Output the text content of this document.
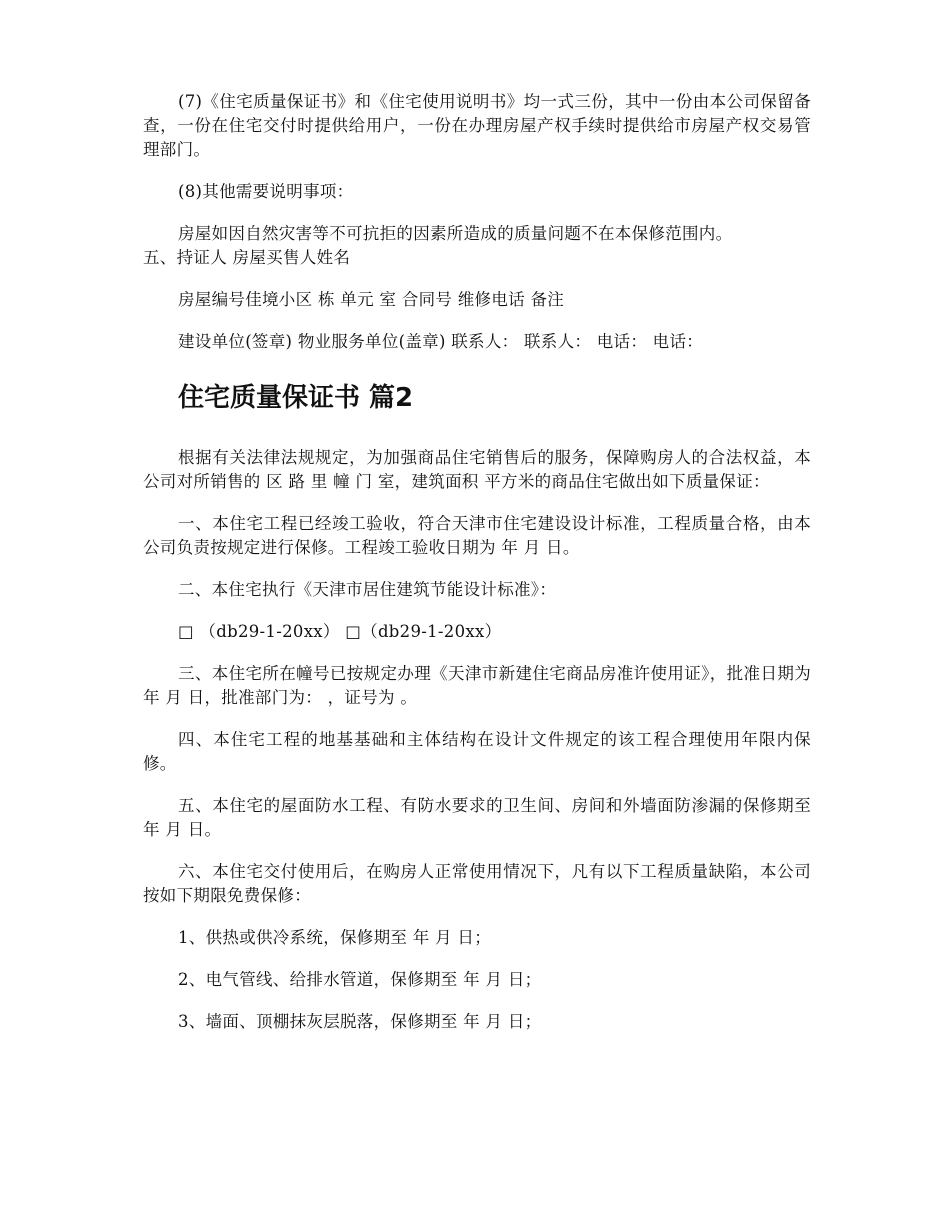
(7)《住宅质量保证书》和《住宅使用说明书》均一式三份，其中一份由本公司保留备查，一份在住宅交付时提供给用户，一份在办理房屋产权手续时提供给市房屋产权交易管理部门。

(8)其他需要说明事项：

房屋如因自然灾害等不可抗拒的因素所造成的质量问题不在本保修范围内。

五、持证人 房屋买售人姓名

房屋编号佳境小区 栋 单元 室 合同号 维修电话 备注

建设单位(签章) 物业服务单位(盖章) 联系人： 联系人： 电话： 电话：

住宅质量保证书 篇2

根据有关法律法规规定，为加强商品住宅销售后的服务，保障购房人的合法权益，本公司对所销售的 区 路 里 幢 门 室，建筑面积 平方米的商品住宅做出如下质量保证：

一、本住宅工程已经竣工验收，符合天津市住宅建设设计标准，工程质量合格，由本公司负责按规定进行保修。工程竣工验收日期为 年 月 日。

二、本住宅执行《天津市居住建筑节能设计标准》：

□ （db29-1-20xx） □（db29-1-20xx）

三、本住宅所在幢号已按规定办理《天津市新建住宅商品房准许使用证》，批准日期为 年 月 日，批准部门为： ，证号为 。

四、本住宅工程的地基基础和主体结构在设计文件规定的该工程合理使用年限内保修。

五、本住宅的屋面防水工程、有防水要求的卫生间、房间和外墙面防渗漏的保修期至 年 月 日。

六、本住宅交付使用后，在购房人正常使用情况下，凡有以下工程质量缺陷，本公司按如下期限免费保修：

1、供热或供冷系统，保修期至 年 月 日；

2、电气管线、给排水管道，保修期至 年 月 日；

3、墙面、顶棚抹灰层脱落，保修期至 年 月 日；
